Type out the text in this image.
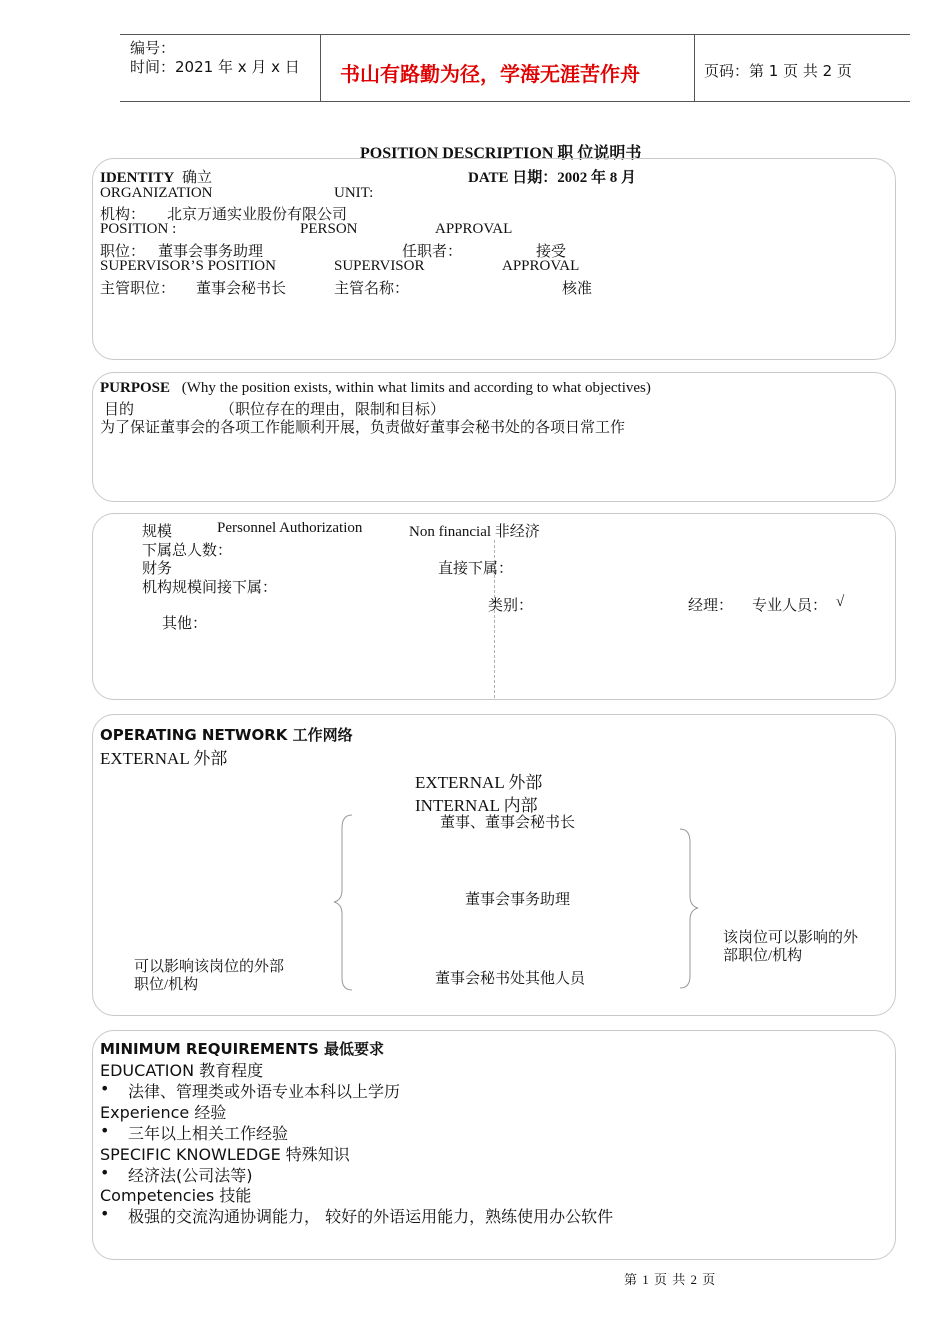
编号：
时间：2021 年 x 月 x 日 书山有路勤为径，学海无涯苦作舟	页码：第 1 页 共 2 页
POSITION DESCRIPTION 职 位说明书
IDENTITY 确立	DATE 日期：2002 年 8 月
ORGANIZATION	UNIT:
机构： 北京万通实业股份有限公司
POSITION :	PERSON	APPROVAL
职位： 董事会事务助理	任职者：	接受
SUPERVISOR’S POSITION	SUPERVISOR	APPROVAL
主管职位： 董事会秘书长	主管名称：	核准
PURPOSE (Why the position exists, within what limits and according to what objectives)
目的	（职位存在的理由，限制和目标）
为了保证董事会的各项工作能顺利开展，负责做好董事会秘书处的各项日常工作
规模	Personnel Authorization	Non financial 非经济
下属总人数：
财务	直接下属：
机构规模间接下属：
类别：	经理： 专业人员： √
其他：
OPERATING NETWORK 工作网络
EXTERNAL 外部
EXTERNAL 外部
INTERNAL 内部
董事、董事会秘书长
董事会事务助理
董事会秘书处其他人员
可以影响该岗位的外部
职位/机构
该岗位可以影响的外
部职位/机构
MINIMUM REQUIREMENTS 最低要求
EDUCATION 教育程度
• 法律、管理类或外语专业本科以上学历
Experience 经验
• 三年以上相关工作经验
SPECIFIC KNOWLEDGE 特殊知识
• 经济法(公司法等)
Competencies 技能
• 极强的交流沟通协调能力， 较好的外语运用能力，熟练使用办公软件
第 1 页 共 2 页
